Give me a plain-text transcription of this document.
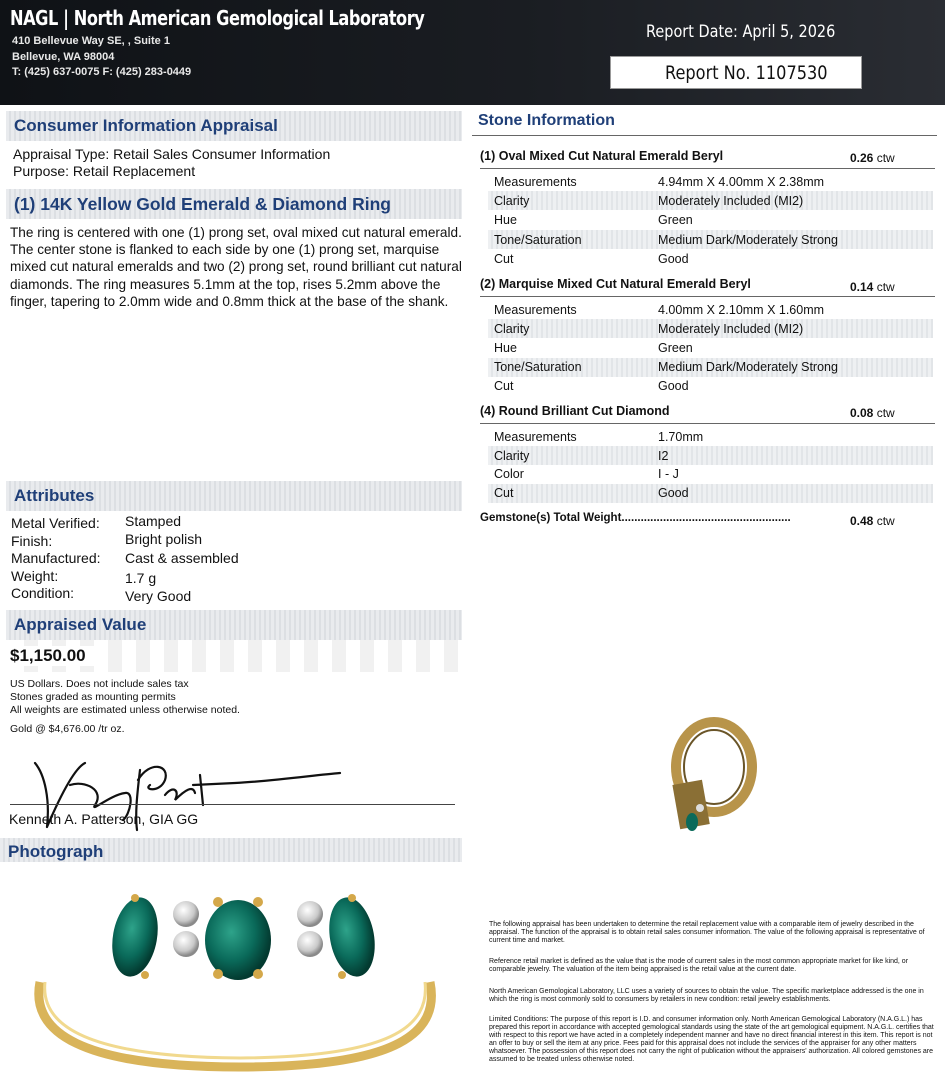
NAGL | North American Gemological Laboratory
410 Bellevue Way SE, , Suite 1
Bellevue, WA 98004
T: (425) 637-0075 F: (425) 283-0449
Report Date: April 5, 2026
Report No. 1107530
Consumer Information Appraisal
Appraisal Type: Retail Sales Consumer Information
Purpose: Retail Replacement
(1) 14K Yellow Gold Emerald & Diamond Ring
The ring is centered with one (1) prong set, oval mixed cut natural emerald. The center stone is flanked to each side by one (1) prong set, marquise mixed cut natural emeralds and two (2) prong set, round brilliant cut natural diamonds. The ring measures 5.1mm at the top, rises 5.2mm above the finger, tapering to 2.0mm wide and 0.8mm thick at the base of the shank.
Attributes
Metal Verified: Stamped
Finish:	Bright polish
Manufactured: Cast & assembled
Weight:	1.7 g
Condition:	Very Good
Appraised Value
$1,150.00
US Dollars. Does not include sales tax
Stones graded as mounting permits
All weights are estimated unless otherwise noted.
Gold @ $4,676.00 /tr oz.
Kenneth A. Patterson, GIA GG
Photograph
Stone Information
(1) Oval Mixed Cut Natural Emerald Beryl	0.26 ctw
Measurements	4.94mm X 4.00mm X 2.38mm
Clarity	Moderately Included (MI2)
Hue	Green
Tone/Saturation	Medium Dark/Moderately Strong
Cut	Good
(2) Marquise Mixed Cut Natural Emerald Beryl	0.14 ctw
Measurements	4.00mm X 2.10mm X 1.60mm
Clarity	Moderately Included (MI2)
Hue	Green
Tone/Saturation	Medium Dark/Moderately Strong
Cut	Good
(4) Round Brilliant Cut Diamond	0.08 ctw
Measurements	1.70mm
Clarity	I2
Color	I - J
Cut	Good
Gemstone(s) Total Weight.....................................................	0.48 ctw
The following appraisal has been undertaken to determine the retail replacement value with a comparable item of jewelry described in the appraisal. The function of the appraisal is to obtain retail sales consumer information. The value of the following appraisal is representative of current time and market.
Reference retail market is defined as the value that is the mode of current sales in the most common appropriate market for like kind, or comparable jewelry. The valuation of the item being appraised is the retail value at the current date.
North American Gemological Laboratory, LLC uses a variety of sources to obtain the value. The specific marketplace addressed is the one in which the ring is most commonly sold to consumers by retailers in new condition: retail jewelry establishments.
Limited Conditions: The purpose of this report is I.D. and consumer information only. North American Gemological Laboratory (N.A.G.L.) has prepared this report in accordance with accepted gemological standards using the state of the art gemological equipment. N.A.G.L. certifies that with respect to this report we have acted in a completely independent manner and have no direct financial interest in this item. This report is not an offer to buy or sell the item at any price. Fees paid for this appraisal does not include the services of the appraiser for any other matters whatsoever. The possession of this report does not carry the right of publication without the appraisers' authorization. All colored gemstones are assumed to be treated unless otherwise noted.
